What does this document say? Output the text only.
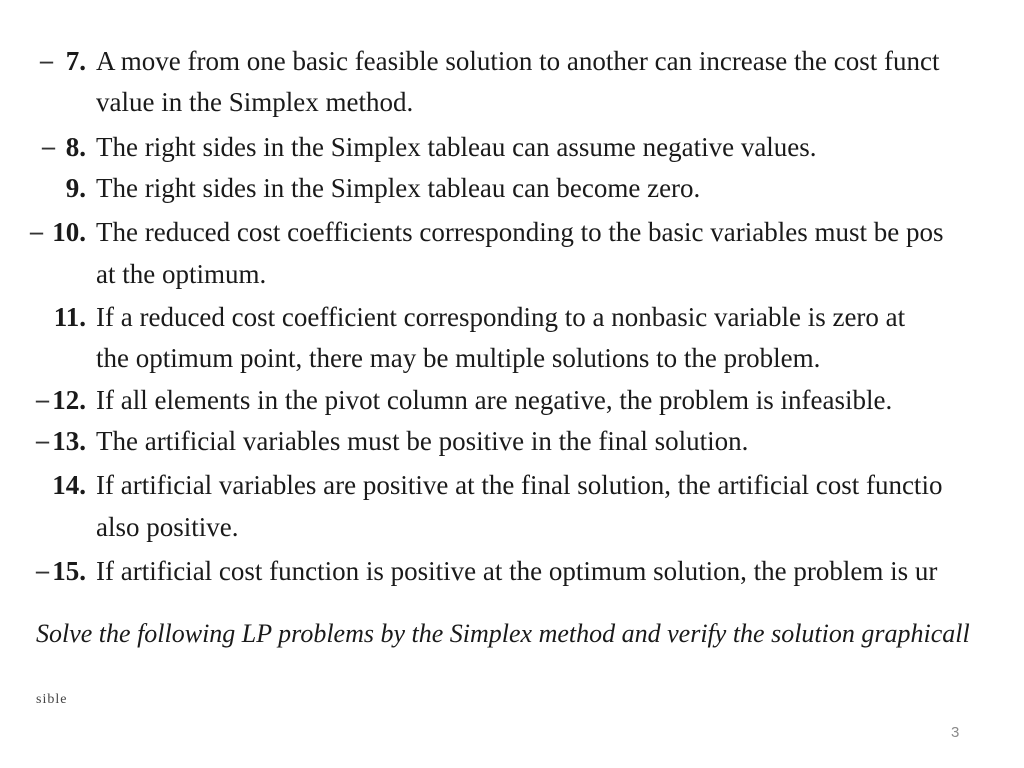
– 7. A move from one basic feasible solution to another can increase the cost funct
value in the Simplex method.
– 8. The right sides in the Simplex tableau can assume negative values.
9. The right sides in the Simplex tableau can become zero.
– 10. The reduced cost coefficients corresponding to the basic variables must be pos
at the optimum.
11. If a reduced cost coefficient corresponding to a nonbasic variable is zero at
the optimum point, there may be multiple solutions to the problem.
– 12. If all elements in the pivot column are negative, the problem is infeasible.
– 13. The artificial variables must be positive in the final solution.
14. If artificial variables are positive at the final solution, the artificial cost functio
also positive.
– 15. If artificial cost function is positive at the optimum solution, the problem is ur
Solve the following LP problems by the Simplex method and verify the solution graphicall
sible
3
